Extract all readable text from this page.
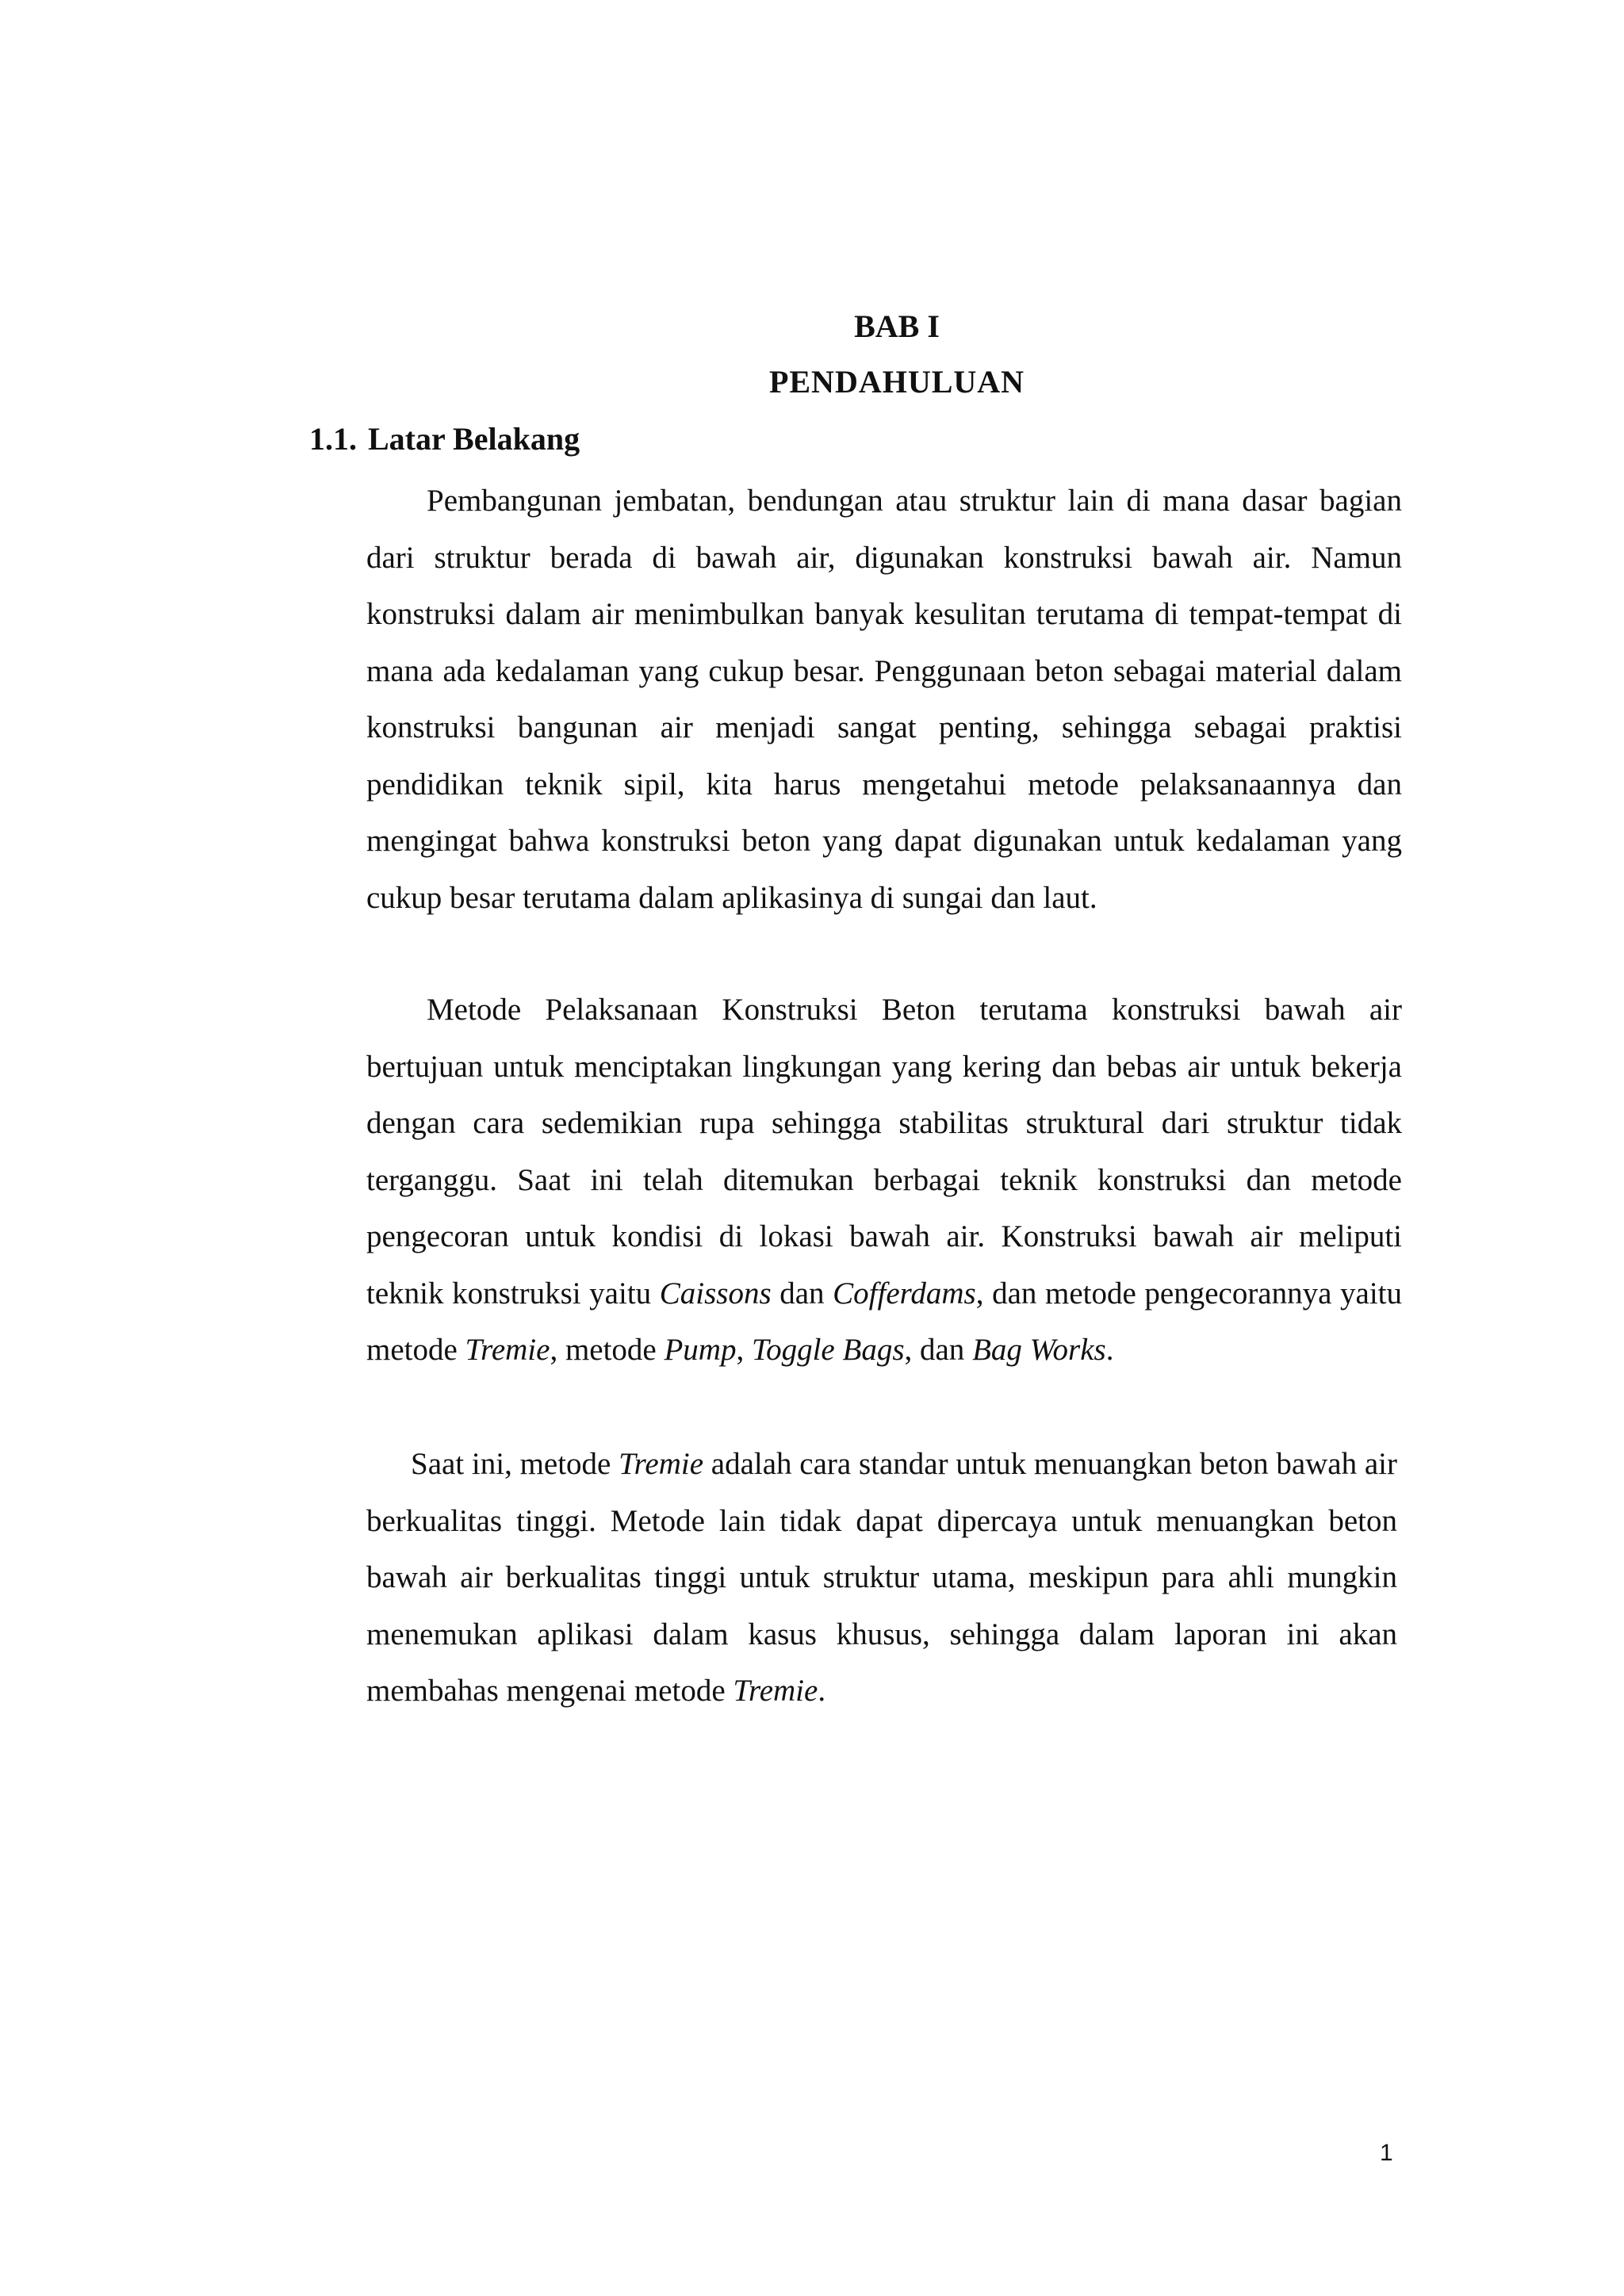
BAB I
PENDAHULUAN
1.1. Latar Belakang

Pembangunan jembatan, bendungan atau struktur lain di mana dasar bagian dari struktur berada di bawah air, digunakan konstruksi bawah air. Namun konstruksi dalam air menimbulkan banyak kesulitan terutama di tempat-tempat di mana ada kedalaman yang cukup besar. Penggunaan beton sebagai material dalam konstruksi bangunan air menjadi sangat penting, sehingga sebagai praktisi pendidikan teknik sipil, kita harus mengetahui metode pelaksanaannya dan mengingat bahwa konstruksi beton yang dapat digunakan untuk kedalaman yang cukup besar terutama dalam aplikasinya di sungai dan laut.

Metode Pelaksanaan Konstruksi Beton terutama konstruksi bawah air bertujuan untuk menciptakan lingkungan yang kering dan bebas air untuk bekerja dengan cara sedemikian rupa sehingga stabilitas struktural dari struktur tidak terganggu. Saat ini telah ditemukan berbagai teknik konstruksi dan metode pengecoran untuk kondisi di lokasi bawah air. Konstruksi bawah air meliputi teknik konstruksi yaitu Caissons dan Cofferdams, dan metode pengecorannya yaitu metode Tremie, metode Pump, Toggle Bags, dan Bag Works.

Saat ini, metode Tremie adalah cara standar untuk menuangkan beton bawah air berkualitas tinggi. Metode lain tidak dapat dipercaya untuk menuangkan beton bawah air berkualitas tinggi untuk struktur utama, meskipun para ahli mungkin menemukan aplikasi dalam kasus khusus, sehingga dalam laporan ini akan membahas mengenai metode Tremie.

1
